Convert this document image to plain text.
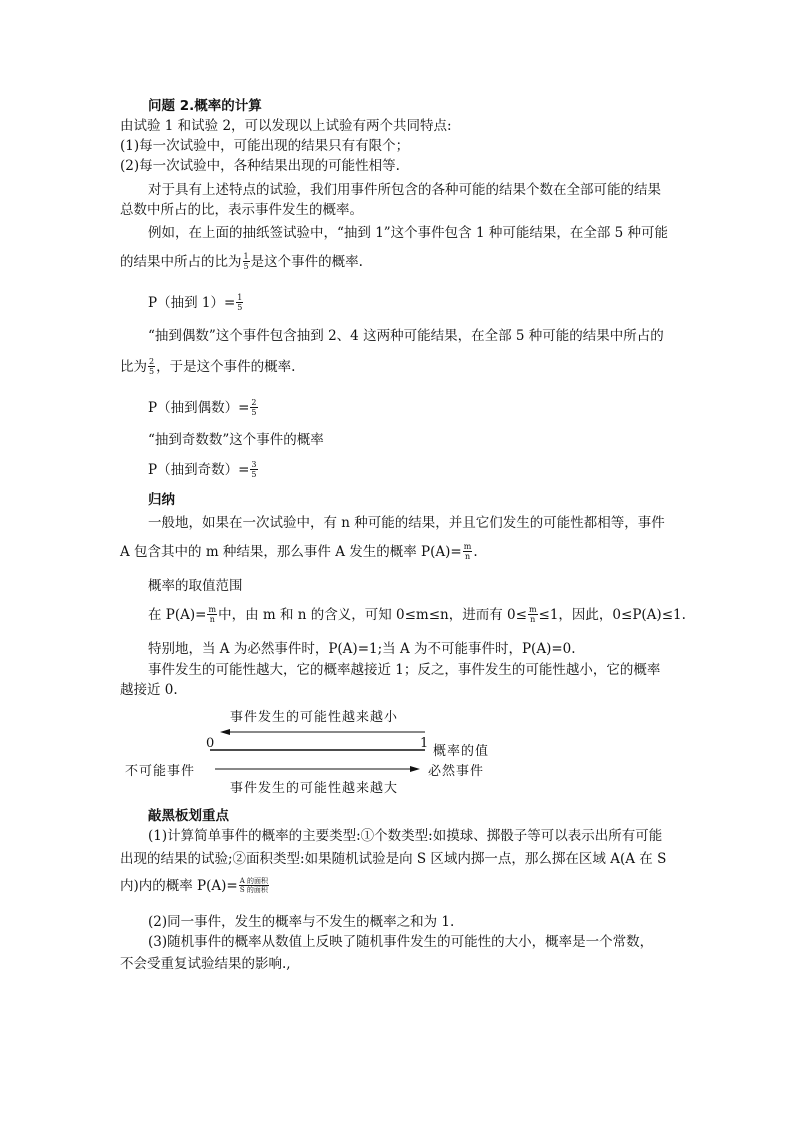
问题 2.概率的计算
由试验 1 和试验 2，可以发现以上试验有两个共同特点:
(1)每一次试验中，可能出现的结果只有有限个；
(2)每一次试验中，各种结果出现的可能性相等.
对于具有上述特点的试验，我们用事件所包含的各种可能的结果个数在全部可能的结果
总数中所占的比，表示事件发生的概率。
例如，在上面的抽纸签试验中，“抽到 1”这个事件包含 1 种可能结果，在全部 5 种可能
的结果中所占的比为 $\frac{1}{5}$ 是这个事件的概率.
P（抽到 $1)= \frac{1}{5}$
“抽到偶数”这个事件包含抽到 2、4 这两种可能结果，在全部 5 种可能的结果中所占的
比为 $\frac{2}{5}$ ，于是这个事件的概率.
P（抽到偶数）= $\frac{2}{5}$
“抽到奇数数”这个事件的概率
P（抽到奇数）= $\frac{3}{5}$
归纳
一般地，如果在一次试验中，有 n 种可能的结果，并且它们发生的可能性都相等，事件
A 包含其中的 m 种结果，那么事件 A 发生的概率 $P(A)= \frac{m}{n}$ .
概率的取值范围
在 $P(A)= \frac{m}{n}$ 中，由 m 和 n 的含义，可知 0≤m≤n，进而有 $0\le \frac{m}{n} \le 1$，因此，0≤P(A)≤1.
特别地，当 A 为必然事件时，P(A)=1;当 A 为不可能事件时，P(A)=0.
事件发生的可能性越大，它的概率越接近 1；反之，事件发生的可能性越小，它的概率
越接近 0.
事件发生的可能性越来越小
0	1
概率的值
不可能事件	必然事件
事件发生的可能性越来越大
敲黑板划重点
(1)计算简单事件的概率的主要类型:①个数类型:如摸球、掷骰子等可以表示出所有可能
出现的结果的试验;②面积类型:如果随机试验是向 S 区域内掷一点，那么掷在区域 A(A 在 S
内)内的概率 $P(A)= \frac{\text{A 的面积}}{\text{S 的面积}}$
(2)同一事件，发生的概率与不发生的概率之和为 1.
(3)随机事件的概率从数值上反映了随机事件发生的可能性的大小，概率是一个常数，
不会受重复试验结果的影响.,
